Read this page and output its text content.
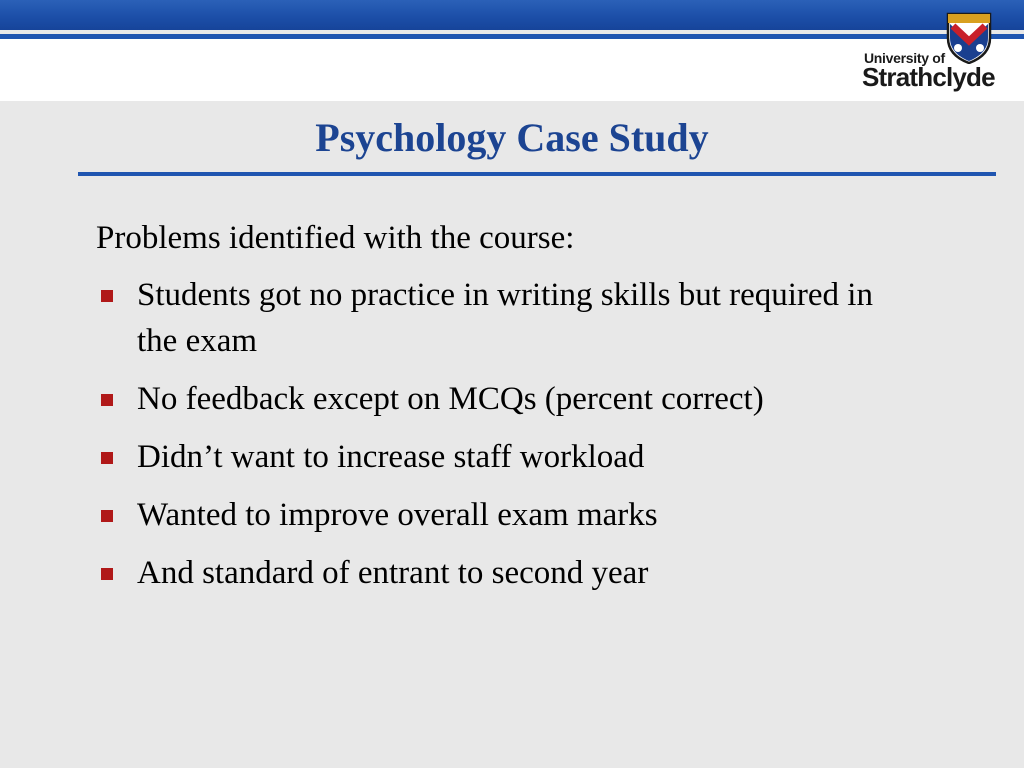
University of
Strathclyde
Psychology Case Study

Problems identified with the course:

Students got no practice in writing skills but required in the exam
No feedback except on MCQs (percent correct)
Didn’t want to increase staff workload
Wanted to improve overall exam marks
And standard of entrant to second year
